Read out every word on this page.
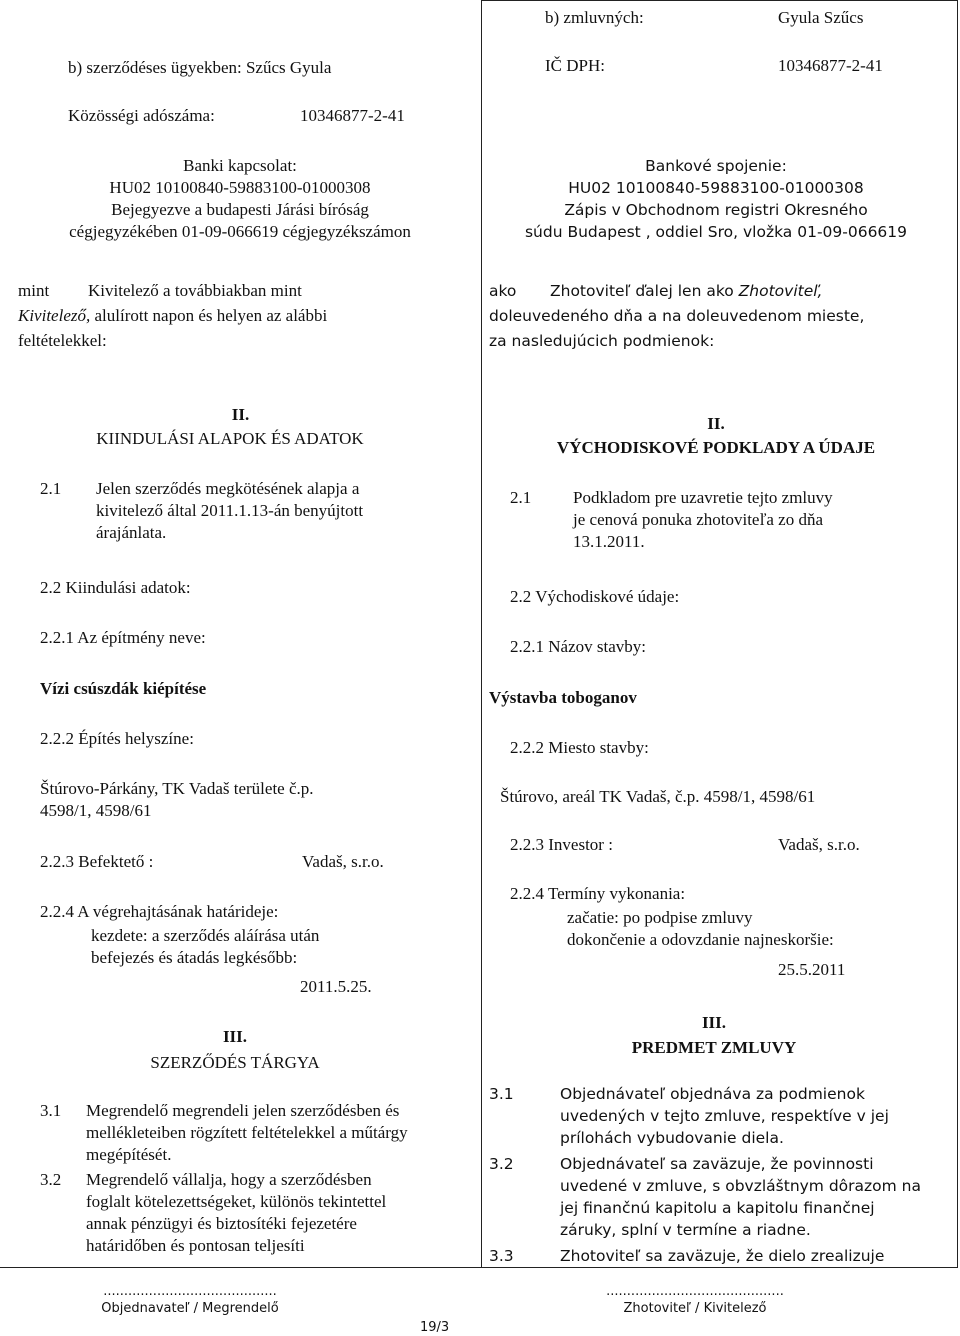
b) szerződéses ügyekben: Szűcs Gyula
Közösségi adószáma:	10346877-2-41
Banki kapcsolat:
HU02 10100840-59883100-01000308
Bejegyezve a budapesti Járási bíróság
cégjegyzékében 01-09-066619 cégjegyzékszámon
mint Kivitelező a továbbiakban mint
Kivitelező, alulírott napon és helyen az alábbi
feltételekkel:
II.
KIINDULÁSI ALAPOK ÉS ADATOK
2.1 Jelen szerződés megkötésének alapja a
kivitelező által 2011.1.13-án benyújtott
árajánlata.
2.2 Kiindulási adatok:
2.2.1 Az építmény neve:
Vízi csúszdák kiépítése
2.2.2 Építés helyszíne:
Štúrovo-Párkány, TK Vadaš területe č.p.
4598/1, 4598/61
2.2.3 Befektető :	Vadaš, s.r.o.
2.2.4 A végrehajtásának határideje:
kezdete: a szerződés aláírása után
befejezés és átadás legkésőbb:
2011.5.25.
III.
SZERZŐDÉS TÁRGYA
3.1 Megrendelő megrendeli jelen szerződésben és
mellékleteiben rögzített feltételekkel a műtárgy
megépítését.
3.2 Megrendelő vállalja, hogy a szerződésben
foglalt kötelezettségeket, különös tekintettel
annak pénzügyi és biztosítéki fejezetére
határidőben és pontosan teljesíti
..........................................
Objednavateľ / Megrendelő
19/3
b) zmluvných:	Gyula Szűcs
IČ DPH:	10346877-2-41
Bankové spojenie:
HU02 10100840-59883100-01000308
Zápis v Obchodnom registri Okresného
súdu Budapest , oddiel Sro, vložka 01-09-066619
ako Zhotoviteľ ďalej len ako Zhotoviteľ,
doleuvedeného dňa a na doleuvedenom mieste,
za nasledujúcich podmienok:
II.
VÝCHODISKOVÉ PODKLADY A ÚDAJE
2.1 Podkladom pre uzavretie tejto zmluvy
je cenová ponuka zhotoviteľa zo dňa
13.1.2011.
2.2 Východiskové údaje:
2.2.1 Názov stavby:
Výstavba toboganov
2.2.2 Miesto stavby:
Štúrovo, areál TK Vadaš, č.p. 4598/1, 4598/61
2.2.3 Investor :	Vadaš, s.r.o.
2.2.4 Termíny vykonania:
začatie: po podpise zmluvy
dokončenie a odovzdanie najneskoršie:
25.5.2011
III.
PREDMET ZMLUVY
3.1	Objednávateľ objednáva za podmienok
uvedených v tejto zmluve, respektíve v jej
prílohách vybudovanie diela.
3.2	Objednávateľ sa zaväzuje, že povinnosti
uvedené v zmluve, s obvzláštnym dôrazom na
jej finančnú kapitolu a kapitolu finančnej
záruky, splní v termíne a riadne.
3.3	Zhotoviteľ sa zaväzuje, že dielo zrealizuje
...........................................
Zhotoviteľ / Kivitelező
